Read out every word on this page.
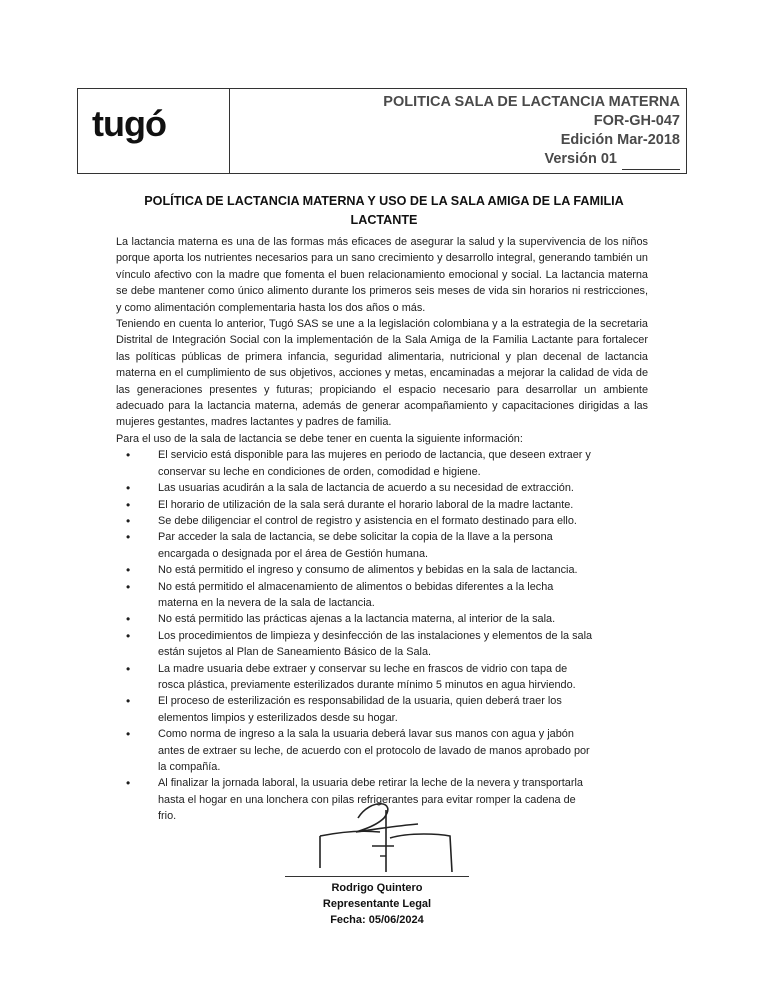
tugó
POLITICA SALA DE LACTANCIA MATERNA
FOR-GH-047
Edición Mar-2018
Versión 01
POLÍTICA DE LACTANCIA MATERNA Y USO DE LA SALA AMIGA DE LA FAMILIA
LACTANTE

La lactancia materna es una de las formas más eficaces de asegurar la salud y la supervivencia de los niños porque aporta los nutrientes necesarios para un sano crecimiento y desarrollo integral, generando también un vínculo afectivo con la madre que fomenta el buen relacionamiento emocional y social. La lactancia materna se debe mantener como único alimento durante los primeros seis meses de vida sin horarios ni restricciones, y como alimentación complementaria hasta los dos años o más.

Teniendo en cuenta lo anterior, Tugó SAS se une a la legislación colombiana y a la estrategia de la secretaria Distrital de Integración Social con la implementación de la Sala Amiga de la Familia Lactante para fortalecer las políticas públicas de primera infancia, seguridad alimentaria, nutricional y plan decenal de lactancia materna en el cumplimiento de sus objetivos, acciones y metas, encaminadas a mejorar la calidad de vida de las generaciones presentes y futuras; propiciando el espacio necesario para desarrollar un ambiente adecuado para la lactancia materna, además de generar acompañamiento y capacitaciones dirigidas a las mujeres gestantes, madres lactantes y padres de familia.

Para el uso de la sala de lactancia se debe tener en cuenta la siguiente información:

• El servicio está disponible para las mujeres en periodo de lactancia, que deseen extraer y conservar su leche en condiciones de orden, comodidad e higiene.
• Las usuarias acudirán a la sala de lactancia de acuerdo a su necesidad de extracción.
• El horario de utilización de la sala será durante el horario laboral de la madre lactante.
• Se debe diligenciar el control de registro y asistencia en el formato destinado para ello.
• Par acceder la sala de lactancia, se debe solicitar la copia de la llave a la persona encargada o designada por el área de Gestión humana.
• No está permitido el ingreso y consumo de alimentos y bebidas en la sala de lactancia.
• No está permitido el almacenamiento de alimentos o bebidas diferentes a la lecha materna en la nevera de la sala de lactancia.
• No está permitido las prácticas ajenas a la lactancia materna, al interior de la sala.
• Los procedimientos de limpieza y desinfección de las instalaciones y elementos de la sala están sujetos al Plan de Saneamiento Básico de la Sala.
• La madre usuaria debe extraer y conservar su leche en frascos de vidrio con tapa de rosca plástica, previamente esterilizados durante mínimo 5 minutos en agua hirviendo.
• El proceso de esterilización es responsabilidad de la usuaria, quien deberá traer los elementos limpios y esterilizados desde su hogar.
• Como norma de ingreso a la sala la usuaria deberá lavar sus manos con agua y jabón antes de extraer su leche, de acuerdo con el protocolo de lavado de manos aprobado por la compañía.
• Al finalizar la jornada laboral, la usuaria debe retirar la leche de la nevera y transportarla hasta el hogar en una lonchera con pilas refrigerantes para evitar romper la cadena de frio.
Rodrigo Quintero
Representante Legal
Fecha: 05/06/2024
